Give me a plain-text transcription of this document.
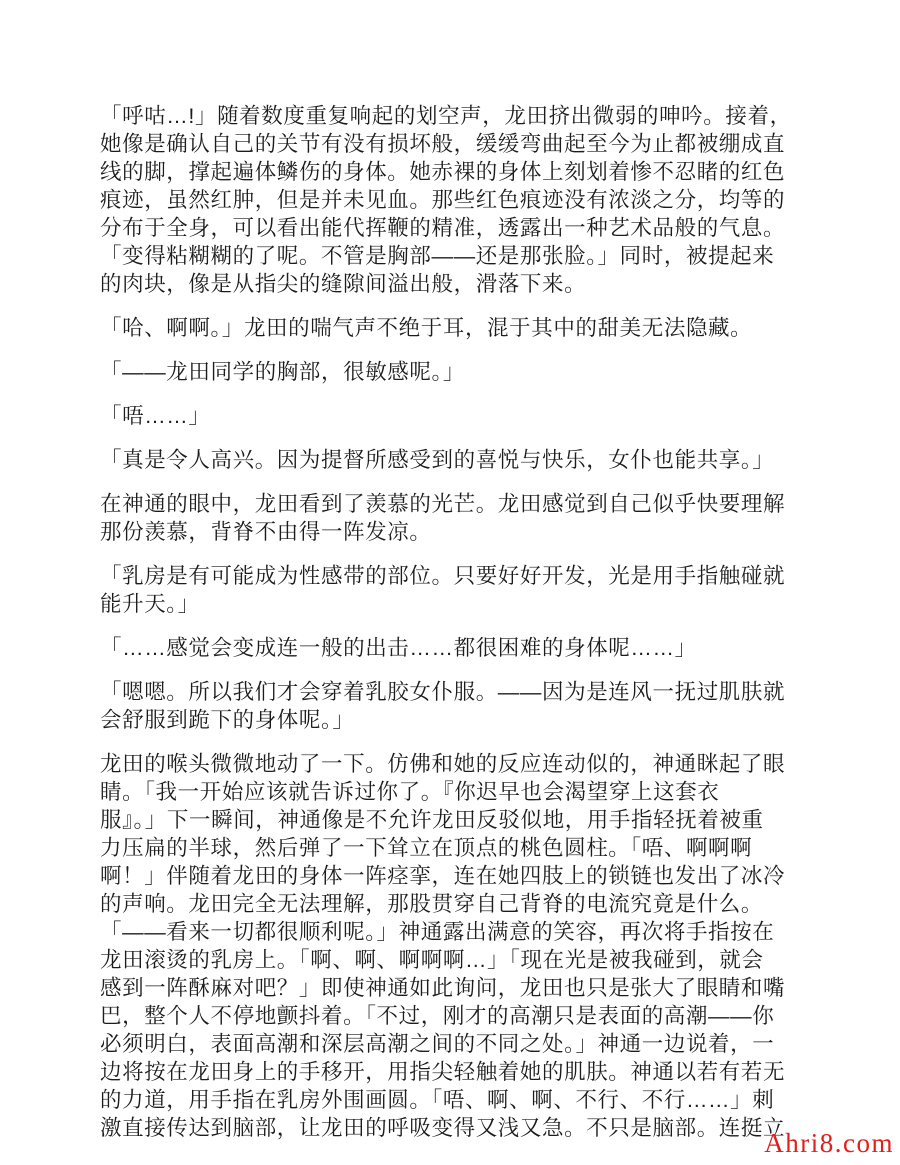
「呼咕…!」随着数度重复响起的划空声，龙田挤出微弱的呻吟。接着，
她像是确认自己的关节有没有损坏般，缓缓弯曲起至今为止都被绷成直
线的脚，撑起遍体鳞伤的身体。她赤裸的身体上刻划着惨不忍睹的红色
痕迹，虽然红肿，但是并未见血。那些红色痕迹没有浓淡之分，均等的
分布于全身，可以看出能代挥鞭的精准，透露出一种艺术品般的气息。
「变得粘糊糊的了呢。不管是胸部——还是那张脸。」同时，被提起来
的肉块，像是从指尖的缝隙间溢出般，滑落下来。

「哈、啊啊。」龙田的喘气声不绝于耳，混于其中的甜美无法隐藏。

「——龙田同学的胸部，很敏感呢。」

「唔……」

「真是令人高兴。因为提督所感受到的喜悦与快乐，女仆也能共享。」

在神通的眼中，龙田看到了羡慕的光芒。龙田感觉到自己似乎快要理解
那份羡慕，背脊不由得一阵发凉。

「乳房是有可能成为性感带的部位。只要好好开发，光是用手指触碰就
能升天。」

「……感觉会变成连一般的出击……都很困难的身体呢……」

「嗯嗯。所以我们才会穿着乳胶女仆服。——因为是连风一抚过肌肤就
会舒服到跪下的身体呢。」

龙田的喉头微微地动了一下。仿佛和她的反应连动似的，神通眯起了眼
睛。「我一开始应该就告诉过你了。『你迟早也会渴望穿上这套衣
服』。」下一瞬间，神通像是不允许龙田反驳似地，用手指轻抚着被重
力压扁的半球，然后弹了一下耸立在顶点的桃色圆柱。「唔、啊啊啊
啊！」伴随着龙田的身体一阵痉挛，连在她四肢上的锁链也发出了冰冷
的声响。龙田完全无法理解，那股贯穿自己背脊的电流究竟是什么。
「——看来一切都很顺利呢。」神通露出满意的笑容，再次将手指按在
龙田滚烫的乳房上。「啊、啊、啊啊啊…」「现在光是被我碰到，就会
感到一阵酥麻对吧？」即使神通如此询问，龙田也只是张大了眼睛和嘴
巴，整个人不停地颤抖着。「不过，刚才的高潮只是表面的高潮——你
必须明白，表面高潮和深层高潮之间的不同之处。」神通一边说着，一
边将按在龙田身上的手移开，用指尖轻触着她的肌肤。神通以若有若无
的力道，用手指在乳房外围画圆。「唔、啊、啊、不行、不行……」刺
激直接传达到脑部，让龙田的呼吸变得又浅又急。不只是脑部。连挺立

Ahri8.com
